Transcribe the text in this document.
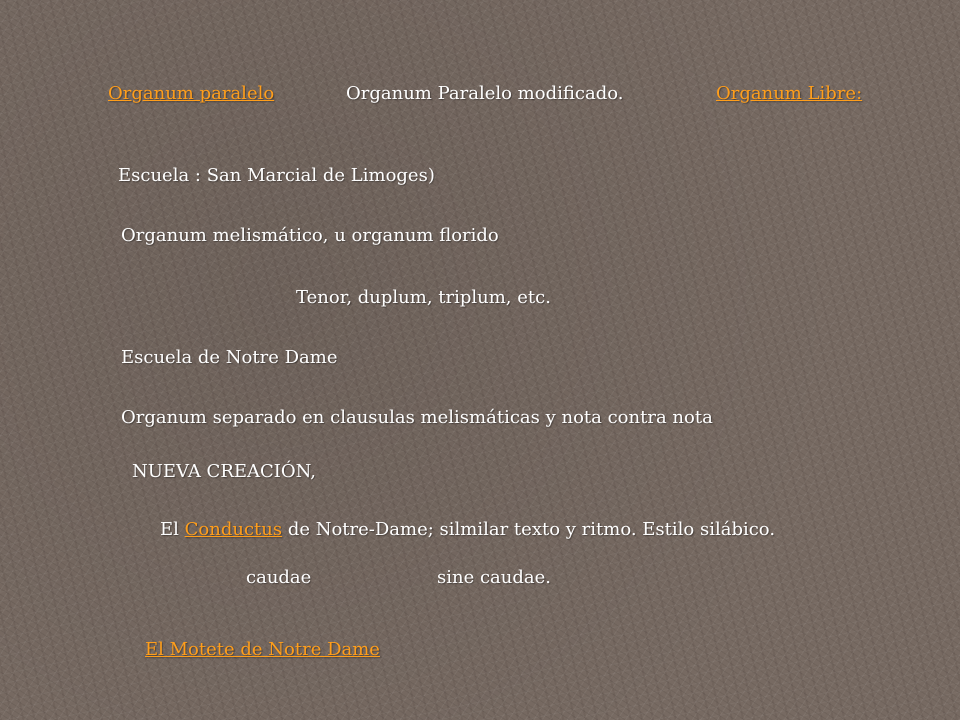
Organum paralelo	Organum Paralelo modificado.	Organum Libre:
Escuela : San Marcial de Limoges)
Organum melismático, u organum florido
Tenor, duplum, triplum, etc.
Escuela de Notre Dame
Organum separado en clausulas melismáticas y nota contra nota
NUEVA CREACIÓN,
El Conductus de Notre-Dame; silmilar texto y ritmo. Estilo silábico.
caudae	sine caudae.
El Motete de Notre Dame
